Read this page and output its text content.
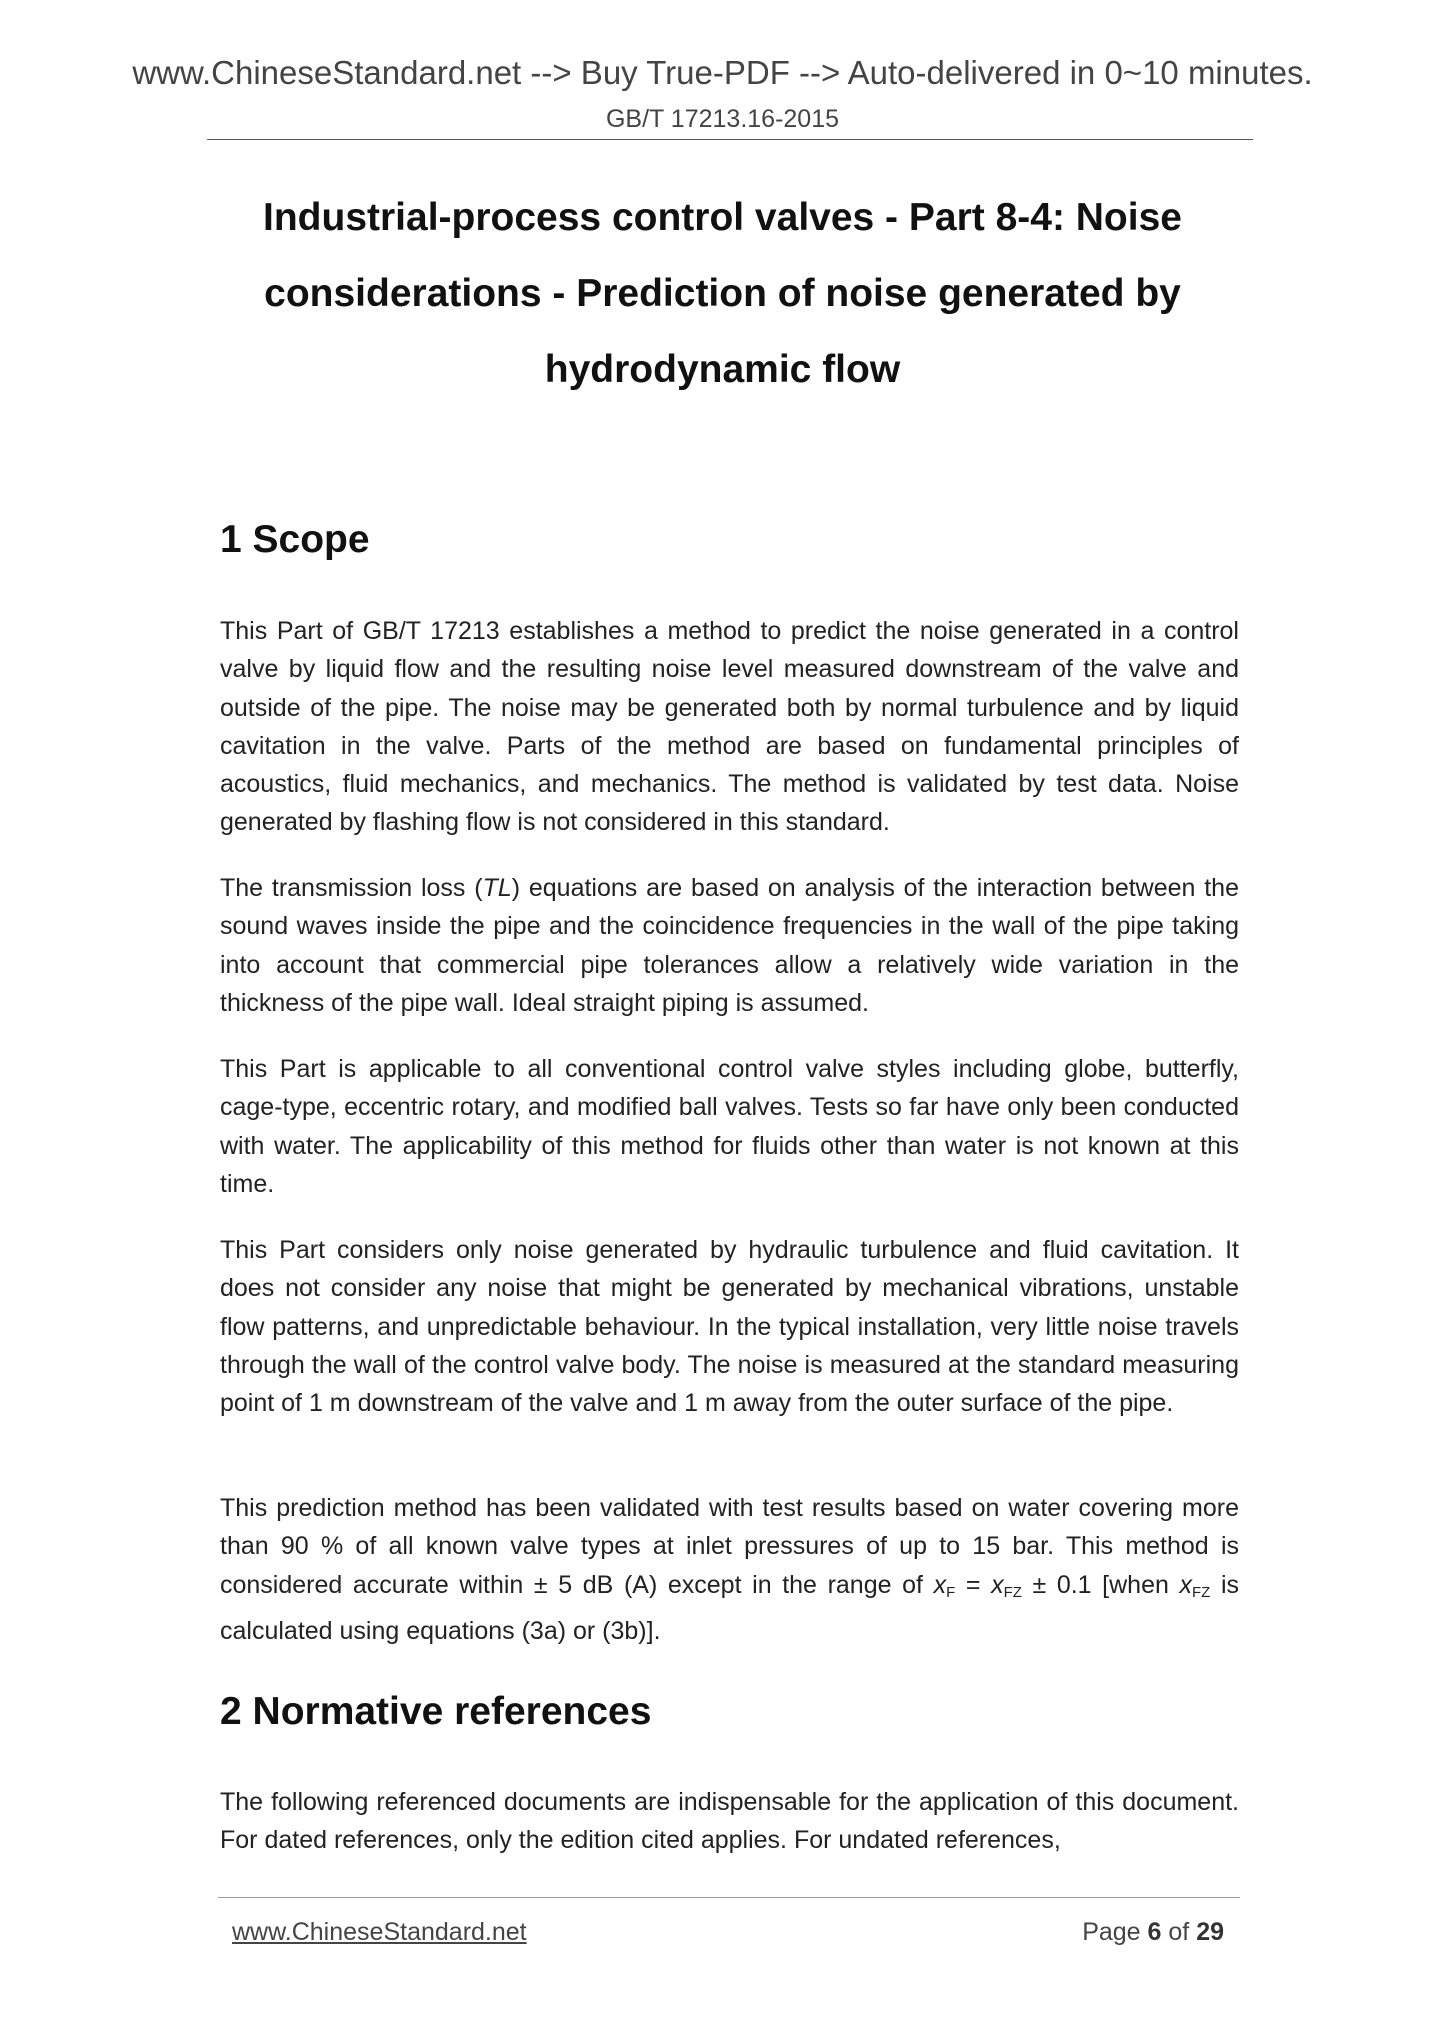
www.ChineseStandard.net --> Buy True-PDF --> Auto-delivered in 0~10 minutes.
GB/T 17213.16-2015
Industrial-process control valves - Part 8-4: Noise
considerations - Prediction of noise generated by
hydrodynamic flow
1 Scope

This Part of GB/T 17213 establishes a method to predict the noise generated in a control valve by liquid flow and the resulting noise level measured downstream of the valve and outside of the pipe. The noise may be generated both by normal turbulence and by liquid cavitation in the valve. Parts of the method are based on fundamental principles of acoustics, fluid mechanics, and mechanics. The method is validated by test data. Noise generated by flashing flow is not considered in this standard.

The transmission loss (TL) equations are based on analysis of the interaction between the sound waves inside the pipe and the coincidence frequencies in the wall of the pipe taking into account that commercial pipe tolerances allow a relatively wide variation in the thickness of the pipe wall. Ideal straight piping is assumed.

This Part is applicable to all conventional control valve styles including globe, butterfly, cage-type, eccentric rotary, and modified ball valves. Tests so far have only been conducted with water. The applicability of this method for fluids other than water is not known at this time.

This Part considers only noise generated by hydraulic turbulence and fluid cavitation. It does not consider any noise that might be generated by mechanical vibrations, unstable flow patterns, and unpredictable behaviour. In the typical installation, very little noise travels through the wall of the control valve body. The noise is measured at the standard measuring point of 1 m downstream of the valve and 1 m away from the outer surface of the pipe.

This prediction method has been validated with test results based on water covering more than 90 % of all known valve types at inlet pressures of up to 15 bar. This method is considered accurate within ± 5 dB (A) except in the range of $x_F = x_{FZ} \pm 0.1$ [when $x_{FZ}$ is calculated using equations (3a) or (3b)].

2 Normative references

The following referenced documents are indispensable for the application of this document. For dated references, only the edition cited applies. For undated references,

www.ChineseStandard.net	Page 6 of 29
